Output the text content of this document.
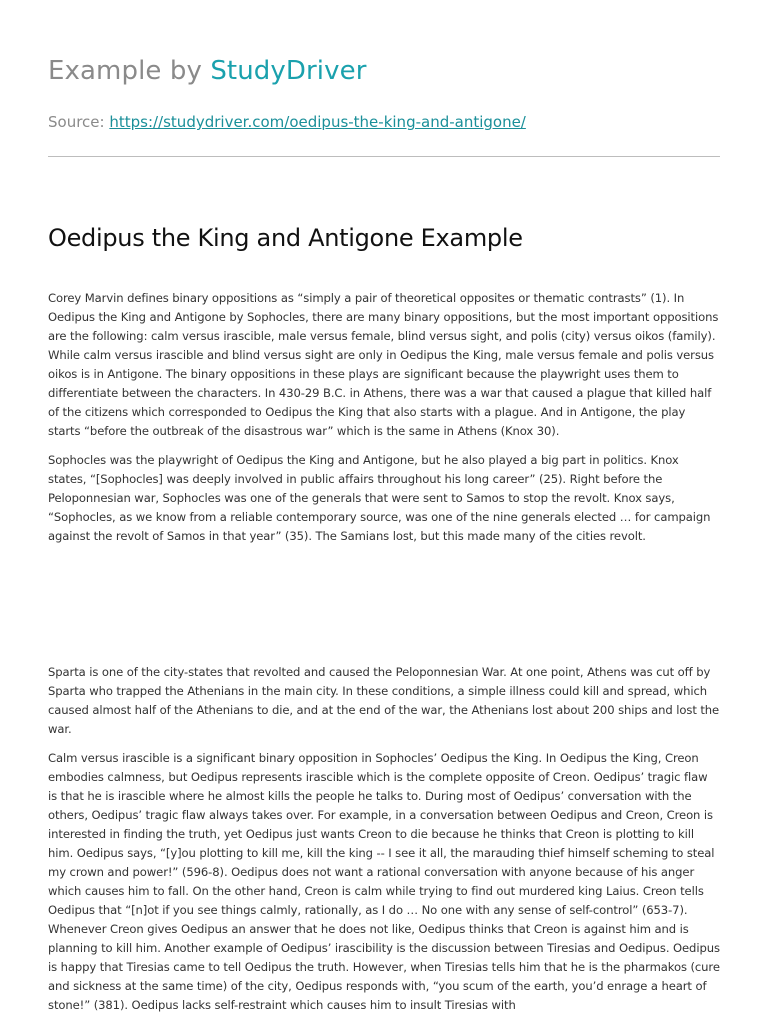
Example by StudyDriver
Source: https://studydriver.com/oedipus-the-king-and-antigone/
Oedipus the King and Antigone Example

Corey Marvin defines binary oppositions as “simply a pair of theoretical opposites or thematic contrasts” (1). In Oedipus the King and Antigone by Sophocles, there are many binary oppositions, but the most important oppositions are the following: calm versus irascible, male versus female, blind versus sight, and polis (city) versus oikos (family). While calm versus irascible and blind versus sight are only in Oedipus the King, male versus female and polis versus oikos is in Antigone. The binary oppositions in these plays are significant because the playwright uses them to differentiate between the characters. In 430-29 B.C. in Athens, there was a war that caused a plague that killed half of the citizens which corresponded to Oedipus the King that also starts with a plague. And in Antigone, the play starts “before the outbreak of the disastrous war” which is the same in Athens (Knox 30).

Sophocles was the playwright of Oedipus the King and Antigone, but he also played a big part in politics. Knox states, “[Sophocles] was deeply involved in public affairs throughout his long career” (25). Right before the Peloponnesian war, Sophocles was one of the generals that were sent to Samos to stop the revolt. Knox says, “Sophocles, as we know from a reliable contemporary source, was one of the nine generals elected … for campaign against the revolt of Samos in that year” (35). The Samians lost, but this made many of the cities revolt.

Sparta is one of the city-states that revolted and caused the Peloponnesian War. At one point, Athens was cut off by Sparta who trapped the Athenians in the main city. In these conditions, a simple illness could kill and spread, which caused almost half of the Athenians to die, and at the end of the war, the Athenians lost about 200 ships and lost the war.

Calm versus irascible is a significant binary opposition in Sophocles’ Oedipus the King. In Oedipus the King, Creon embodies calmness, but Oedipus represents irascible which is the complete opposite of Creon. Oedipus’ tragic flaw is that he is irascible where he almost kills the people he talks to. During most of Oedipus’ conversation with the others, Oedipus’ tragic flaw always takes over. For example, in a conversation between Oedipus and Creon, Creon is interested in finding the truth, yet Oedipus just wants Creon to die because he thinks that Creon is plotting to kill him. Oedipus says, “[y]ou plotting to kill me, kill the king -- I see it all, the marauding thief himself scheming to steal my crown and power!” (596-8). Oedipus does not want a rational conversation with anyone because of his anger which causes him to fall. On the other hand, Creon is calm while trying to find out murdered king Laius. Creon tells Oedipus that “[n]ot if you see things calmly, rationally, as I do … No one with any sense of self-control” (653-7). Whenever Creon gives Oedipus an answer that he does not like, Oedipus thinks that Creon is against him and is planning to kill him. Another example of Oedipus’ irascibility is the discussion between Tiresias and Oedipus. Oedipus is happy that Tiresias came to tell Oedipus the truth. However, when Tiresias tells him that he is the pharmakos (cure and sickness at the same time) of the city, Oedipus responds with, “you scum of the earth, you’d enrage a heart of stone!” (381). Oedipus lacks self-restraint which causes him to insult Tiresias with
